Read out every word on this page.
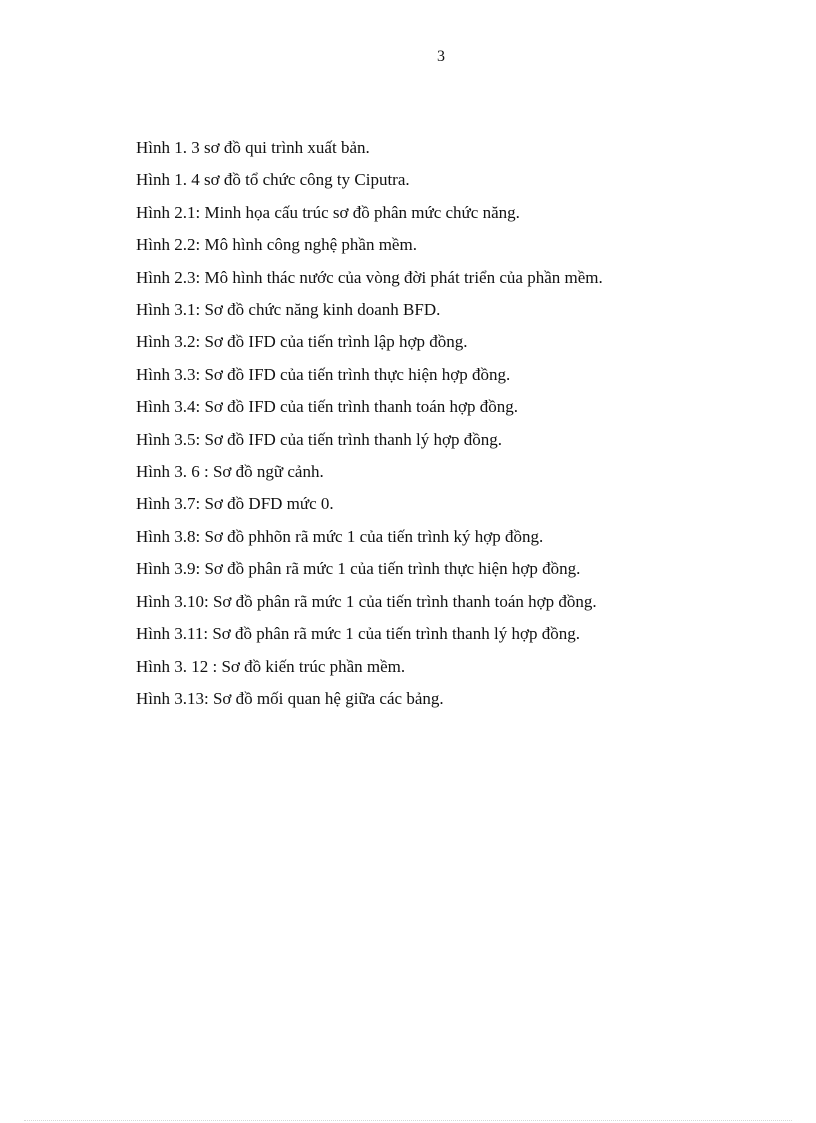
3
Hình 1. 3 sơ đồ qui trình xuất bản.
Hình 1. 4 sơ đồ tổ chức công ty Ciputra.
Hình 2.1: Minh họa cấu trúc sơ đồ phân mức chức năng.
Hình 2.2: Mô hình công nghệ phần mềm.
Hình 2.3: Mô hình thác nước của vòng đời phát triển của phần mềm.
Hình 3.1: Sơ đồ chức năng kinh doanh BFD.
Hình 3.2: Sơ đồ IFD của tiến trình lập hợp đồng.
Hình 3.3: Sơ đồ IFD của tiến trình thực hiện hợp đồng.
Hình 3.4: Sơ đồ IFD của tiến trình thanh toán hợp đồng.
Hình 3.5: Sơ đồ IFD của tiến trình thanh lý hợp đồng.
Hình 3. 6 : Sơ đồ ngữ cảnh.
Hình 3.7: Sơ đồ DFD mức 0.
Hình 3.8: Sơ đồ phhõn rã mức 1 của tiến trình ký hợp đồng.
Hình 3.9: Sơ đồ phân rã mức 1 của tiến trình thực hiện hợp đồng.
Hình 3.10: Sơ đồ phân rã mức 1 của tiến trình thanh toán hợp đồng.
Hình 3.11: Sơ đồ phân rã mức 1 của tiến trình thanh lý hợp đồng.
Hình 3. 12 : Sơ đồ kiến trúc phần mềm.
Hình 3.13: Sơ đồ mối quan hệ giữa các bảng.
